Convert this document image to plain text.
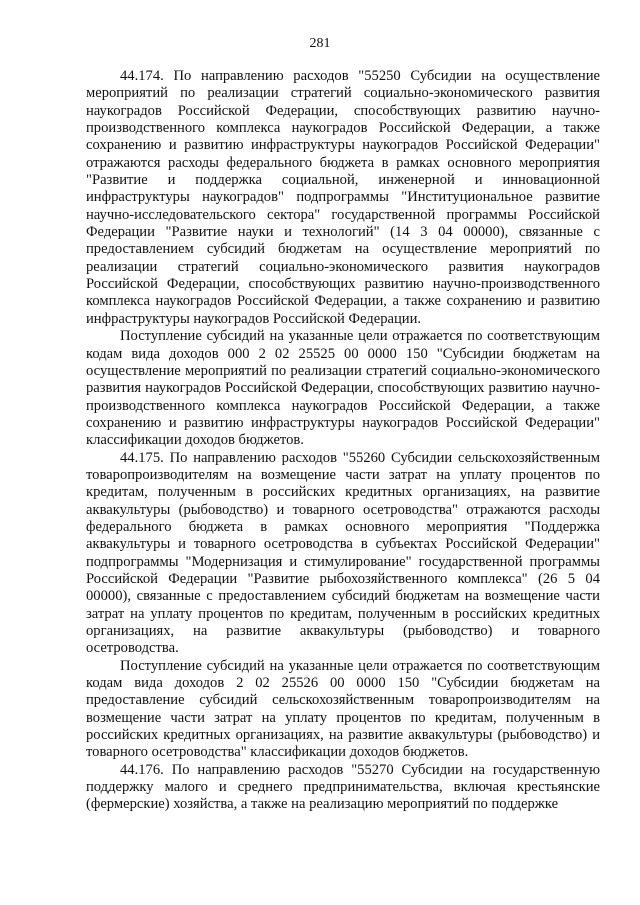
281

44.174. По направлению расходов "55250 Субсидии на осуществление мероприятий по реализации стратегий социально-экономического развития наукоградов Российской Федерации, способствующих развитию научно-производственного комплекса наукоградов Российской Федерации, а также сохранению и развитию инфраструктуры наукоградов Российской Федерации" отражаются расходы федерального бюджета в рамках основного мероприятия "Развитие и поддержка социальной, инженерной и инновационной инфраструктуры наукоградов" подпрограммы "Институциональное развитие научно-исследовательского сектора" государственной программы Российской Федерации "Развитие науки и технологий" (14 3 04 00000), связанные с предоставлением субсидий бюджетам на осуществление мероприятий по реализации стратегий социально-экономического развития наукоградов Российской Федерации, способствующих развитию научно-производственного комплекса наукоградов Российской Федерации, а также сохранению и развитию инфраструктуры наукоградов Российской Федерации.

Поступление субсидий на указанные цели отражается по соответствующим кодам вида доходов 000 2 02 25525 00 0000 150 "Субсидии бюджетам на осуществление мероприятий по реализации стратегий социально-экономического развития наукоградов Российской Федерации, способствующих развитию научно-производственного комплекса наукоградов Российской Федерации, а также сохранению и развитию инфраструктуры наукоградов Российской Федерации" классификации доходов бюджетов.

44.175. По направлению расходов "55260 Субсидии сельскохозяйственным товаропроизводителям на возмещение части затрат на уплату процентов по кредитам, полученным в российских кредитных организациях, на развитие аквакультуры (рыбоводство) и товарного осетроводства" отражаются расходы федерального бюджета в рамках основного мероприятия "Поддержка аквакультуры и товарного осетроводства в субъектах Российской Федерации" подпрограммы "Модернизация и стимулирование" государственной программы Российской Федерации "Развитие рыбохозяйственного комплекса" (26 5 04 00000), связанные с предоставлением субсидий бюджетам на возмещение части затрат на уплату процентов по кредитам, полученным в российских кредитных организациях, на развитие аквакультуры (рыбоводство) и товарного осетроводства.

Поступление субсидий на указанные цели отражается по соответствующим кодам вида доходов 2 02 25526 00 0000 150 "Субсидии бюджетам на предоставление субсидий сельскохозяйственным товаропроизводителям на возмещение части затрат на уплату процентов по кредитам, полученным в российских кредитных организациях, на развитие аквакультуры (рыбоводство) и товарного осетроводства" классификации доходов бюджетов.

44.176. По направлению расходов "55270 Субсидии на государственную поддержку малого и среднего предпринимательства, включая крестьянские (фермерские) хозяйства, а также на реализацию мероприятий по поддержке
